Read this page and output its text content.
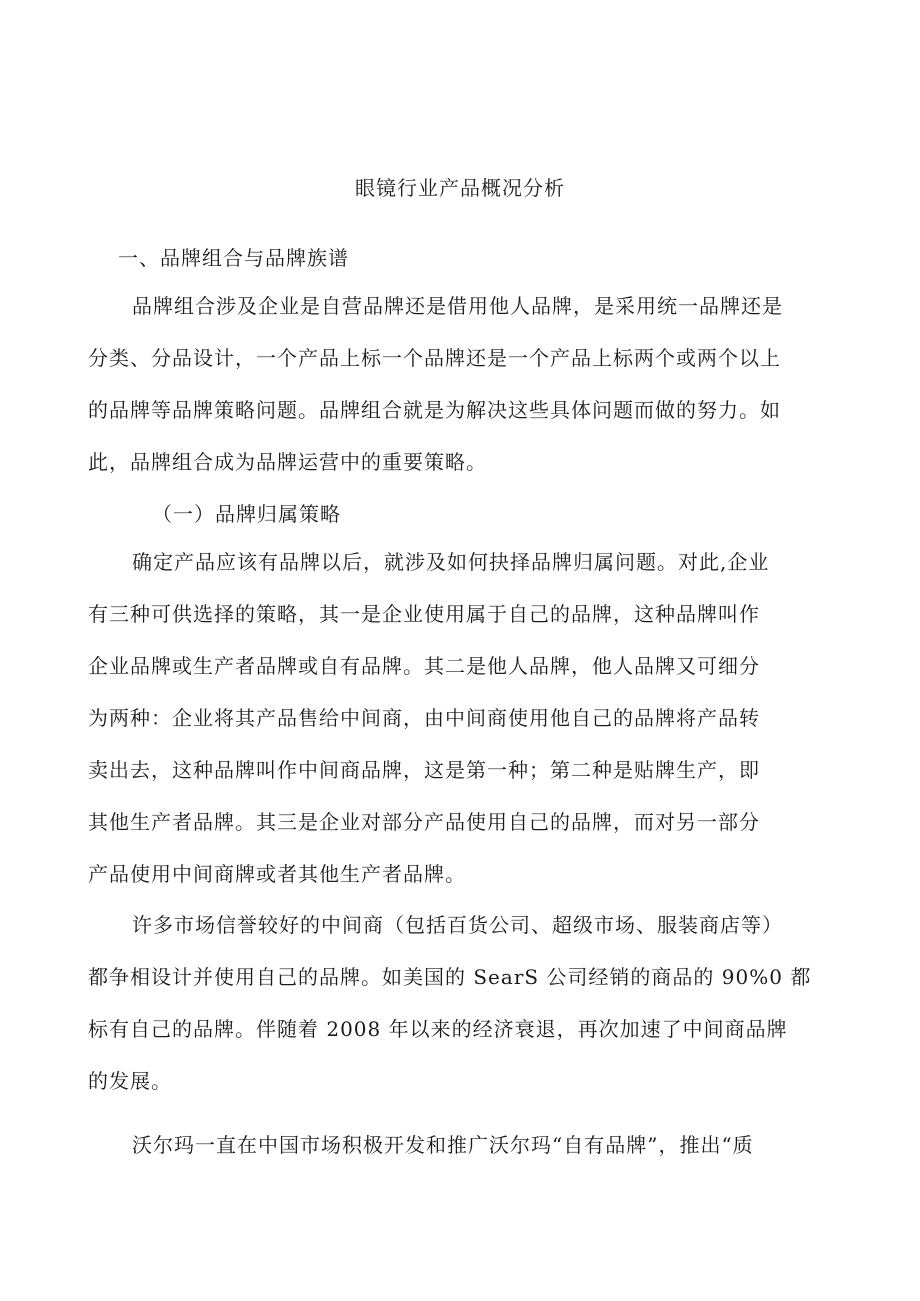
眼镜行业产品概况分析
一、品牌组合与品牌族谱
品牌组合涉及企业是自营品牌还是借用他人品牌，是采用统一品牌还是
分类、分品设计，一个产品上标一个品牌还是一个产品上标两个或两个以上
的品牌等品牌策略问题。品牌组合就是为解决这些具体问题而做的努力。如
此，品牌组合成为品牌运营中的重要策略。
（一）品牌归属策略
确定产品应该有品牌以后，就涉及如何抉择品牌归属问题。对此,企业
有三种可供选择的策略，其一是企业使用属于自己的品牌，这种品牌叫作
企业品牌或生产者品牌或自有品牌。其二是他人品牌，他人品牌又可细分
为两种：企业将其产品售给中间商，由中间商使用他自己的品牌将产品转
卖出去，这种品牌叫作中间商品牌，这是第一种；第二种是贴牌生产，即
其他生产者品牌。其三是企业对部分产品使用自己的品牌，而对另一部分
产品使用中间商牌或者其他生产者品牌。
许多市场信誉较好的中间商（包括百货公司、超级市场、服装商店等）
都争相设计并使用自己的品牌。如美国的 SearS 公司经销的商品的 90%0 都
标有自己的品牌。伴随着 2008 年以来的经济衰退，再次加速了中间商品牌
的发展。
沃尔玛一直在中国市场积极开发和推广沃尔玛“自有品牌”，推出“质
